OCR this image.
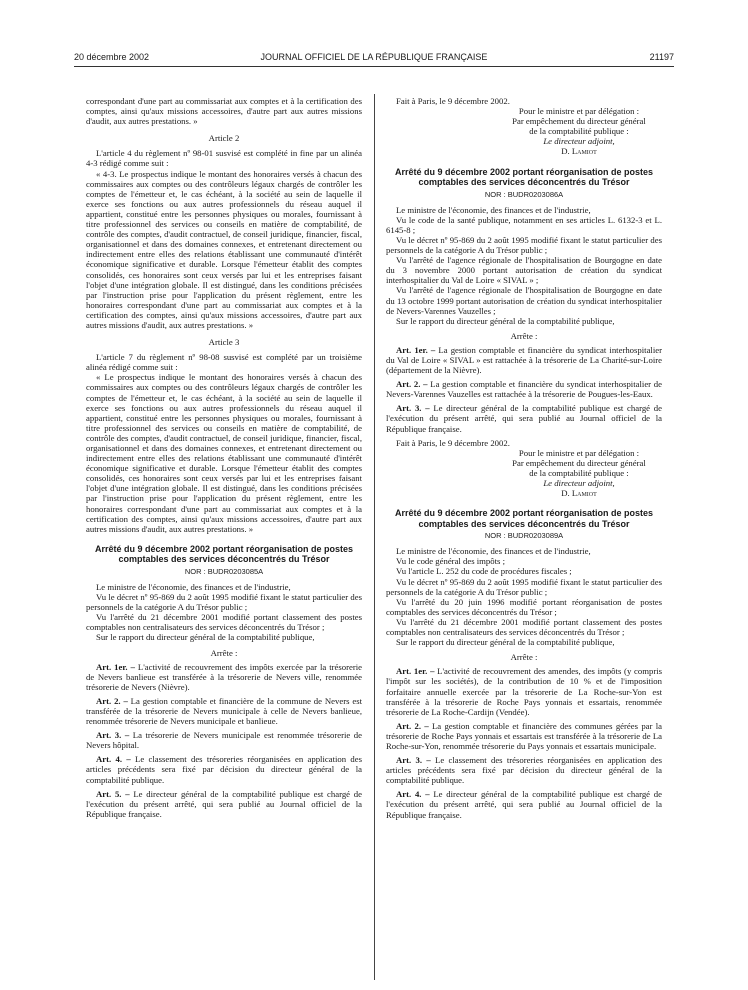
20 décembre 2002	JOURNAL OFFICIEL DE LA RÉPUBLIQUE FRANÇAISE	21197

correspondant d'une part au commissariat aux comptes et à la certification des comptes, ainsi qu'aux missions accessoires, d'autre part aux autres missions d'audit, aux autres prestations. »

Article 2

L'article 4 du règlement nº 98-01 susvisé est complété in fine par un alinéa 4-3 rédigé comme suit :

« 4-3. Le prospectus indique le montant des honoraires versés à chacun des commissaires aux comptes ou des contrôleurs légaux chargés de contrôler les comptes de l'émetteur et, le cas échéant, à la société au sein de laquelle il exerce ses fonctions ou aux autres professionnels du réseau auquel il appartient, constitué entre les personnes physiques ou morales, fournissant à titre professionnel des services ou conseils en matière de comptabilité, de contrôle des comptes, d'audit contractuel, de conseil juridique, financier, fiscal, organisationnel et dans des domaines connexes, et entretenant directement ou indirectement entre elles des relations établissant une communauté d'intérêt économique significative et durable. Lorsque l'émetteur établit des comptes consolidés, ces honoraires sont ceux versés par lui et les entreprises faisant l'objet d'une intégration globale. Il est distingué, dans les conditions précisées par l'instruction prise pour l'application du présent règlement, entre les honoraires correspondant d'une part au commissariat aux comptes et à la certification des comptes, ainsi qu'aux missions accessoires, d'autre part aux autres missions d'audit, aux autres prestations. »

Article 3

L'article 7 du règlement nº 98-08 susvisé est complété par un troisième alinéa rédigé comme suit :

« Le prospectus indique le montant des honoraires versés à chacun des commissaires aux comptes ou des contrôleurs légaux chargés de contrôler les comptes de l'émetteur et, le cas échéant, à la société au sein de laquelle il exerce ses fonctions ou aux autres professionnels du réseau auquel il appartient, constitué entre les personnes physiques ou morales, fournissant à titre professionnel des services ou conseils en matière de comptabilité, de contrôle des comptes, d'audit contractuel, de conseil juridique, financier, fiscal, organisationnel et dans des domaines connexes, et entretenant directement ou indirectement entre elles des relations établissant une communauté d'intérêt économique significative et durable. Lorsque l'émetteur établit des comptes consolidés, ces honoraires sont ceux versés par lui et les entreprises faisant l'objet d'une intégration globale. Il est distingué, dans les conditions précisées par l'instruction prise pour l'application du présent règlement, entre les honoraires correspondant d'une part au commissariat aux comptes et à la certification des comptes, ainsi qu'aux missions accessoires, d'autre part aux autres missions d'audit, aux autres prestations. »

Arrêté du 9 décembre 2002 portant réorganisation de postes comptables des services déconcentrés du Trésor

NOR : BUDR0203085A

Le ministre de l'économie, des finances et de l'industrie,

Vu le décret nº 95-869 du 2 août 1995 modifié fixant le statut particulier des personnels de la catégorie A du Trésor public ;

Vu l'arrêté du 21 décembre 2001 modifié portant classement des postes comptables non centralisateurs des services déconcentrés du Trésor ;

Sur le rapport du directeur général de la comptabilité publique,

Arrête :

Art. 1er. – L'activité de recouvrement des impôts exercée par la trésorerie de Nevers banlieue est transférée à la trésorerie de Nevers ville, renommée trésorerie de Nevers (Nièvre).

Art. 2. – La gestion comptable et financière de la commune de Nevers est transférée de la trésorerie de Nevers municipale à celle de Nevers banlieue, renommée trésorerie de Nevers municipale et banlieue.

Art. 3. – La trésorerie de Nevers municipale est renommée trésorerie de Nevers hôpital.

Art. 4. – Le classement des trésoreries réorganisées en application des articles précédents sera fixé par décision du directeur général de la comptabilité publique.

Art. 5. – Le directeur général de la comptabilité publique est chargé de l'exécution du présent arrêté, qui sera publié au Journal officiel de la République française.

Fait à Paris, le 9 décembre 2002.

Pour le ministre et par délégation :

Par empêchement du directeur général

de la comptabilité publique :

Le directeur adjoint,

D. Lamiot

Arrêté du 9 décembre 2002 portant réorganisation de postes comptables des services déconcentrés du Trésor

NOR : BUDR0203086A

Le ministre de l'économie, des finances et de l'industrie,

Vu le code de la santé publique, notamment en ses articles L. 6132-3 et L. 6145-8 ;

Vu le décret nº 95-869 du 2 août 1995 modifié fixant le statut particulier des personnels de la catégorie A du Trésor public ;

Vu l'arrêté de l'agence régionale de l'hospitalisation de Bourgogne en date du 3 novembre 2000 portant autorisation de création du syndicat interhospitalier du Val de Loire « SIVAL » ;

Vu l'arrêté de l'agence régionale de l'hospitalisation de Bourgogne en date du 13 octobre 1999 portant autorisation de création du syndicat interhospitalier de Nevers-Varennes Vauzelles ;

Sur le rapport du directeur général de la comptabilité publique,

Arrête :

Art. 1er. – La gestion comptable et financière du syndicat interhospitalier du Val de Loire « SIVAL » est rattachée à la trésorerie de La Charité-sur-Loire (département de la Nièvre).

Art. 2. – La gestion comptable et financière du syndicat interhospitalier de Nevers-Varennes Vauzelles est rattachée à la trésorerie de Pougues-les-Eaux.

Art. 3. – Le directeur général de la comptabilité publique est chargé de l'exécution du présent arrêté, qui sera publié au Journal officiel de la République française.

Fait à Paris, le 9 décembre 2002.

Pour le ministre et par délégation :

Par empêchement du directeur général

de la comptabilité publique :

Le directeur adjoint,

D. Lamiot

Arrêté du 9 décembre 2002 portant réorganisation de postes comptables des services déconcentrés du Trésor

NOR : BUDR0203089A

Le ministre de l'économie, des finances et de l'industrie,

Vu le code général des impôts ;

Vu l'article L. 252 du code de procédures fiscales ;

Vu le décret nº 95-869 du 2 août 1995 modifié fixant le statut particulier des personnels de la catégorie A du Trésor public ;

Vu l'arrêté du 20 juin 1996 modifié portant réorganisation de postes comptables des services déconcentrés du Trésor ;

Vu l'arrêté du 21 décembre 2001 modifié portant classement des postes comptables non centralisateurs des services déconcentrés du Trésor ;

Sur le rapport du directeur général de la comptabilité publique,

Arrête :

Art. 1er. – L'activité de recouvrement des amendes, des impôts (y compris l'impôt sur les sociétés), de la contribution de 10 % et de l'imposition forfaitaire annuelle exercée par la trésorerie de La Roche-sur-Yon est transférée à la trésorerie de Roche Pays yonnais et essartais, renommée trésorerie de La Roche-Cardijn (Vendée).

Art. 2. – La gestion comptable et financière des communes gérées par la trésorerie de Roche Pays yonnais et essartais est transférée à la trésorerie de La Roche-sur-Yon, renommée trésorerie du Pays yonnais et essartais municipale.

Art. 3. – Le classement des trésoreries réorganisées en application des articles précédents sera fixé par décision du directeur général de la comptabilité publique.

Art. 4. – Le directeur général de la comptabilité publique est chargé de l'exécution du présent arrêté, qui sera publié au Journal officiel de la République française.
